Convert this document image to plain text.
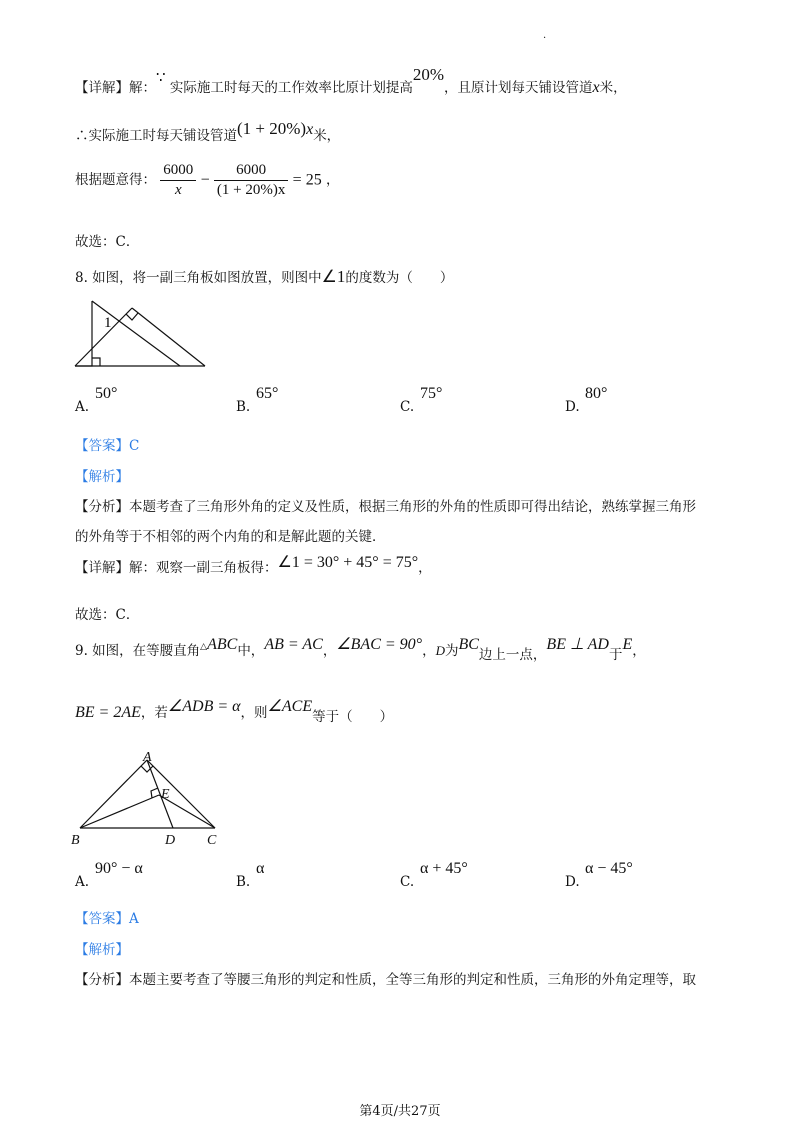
.
【详解】解：∵ 实际施工时每天的工作效率比原计划提高20%，且原计划每天铺设管道x米，
∴实际施工时每天铺设管道(1 + 20%)x米，
根据题意得： $\frac{6000}{x} - \frac{6000}{(1 + 20\%)x} = 25$ ，
故选：C．
8. 如图，将一副三角板如图放置，则图中∠1的度数为（　　）
1
A.
50°
B.
65°
C.
75°
D.
80°
【答案】C
【解析】
【分析】本题考查了三角形外角的定义及性质，根据三角形的外角的性质即可得出结论，熟练掌握三角形
的外角等于不相邻的两个内角的和是解此题的关键．
【详解】解：观察一副三角板得：∠1 = 30° + 45° = 75°，
故选：C．
9. 如图，在等腰直角△ABC中，AB = AC，∠BAC = 90°，D为BC边上一点，BE ⊥ AD于E，
BE = 2AE，若∠ADB = α，则∠ACE等于（　　）
A
B	C
D
E
A.
90° − α
B.
α
C.
α + 45°
D.
α − 45°
【答案】A
【解析】
【分析】本题主要考查了等腰三角形的判定和性质，全等三角形的判定和性质，三角形的外角定理等，取
第4页/共27页
